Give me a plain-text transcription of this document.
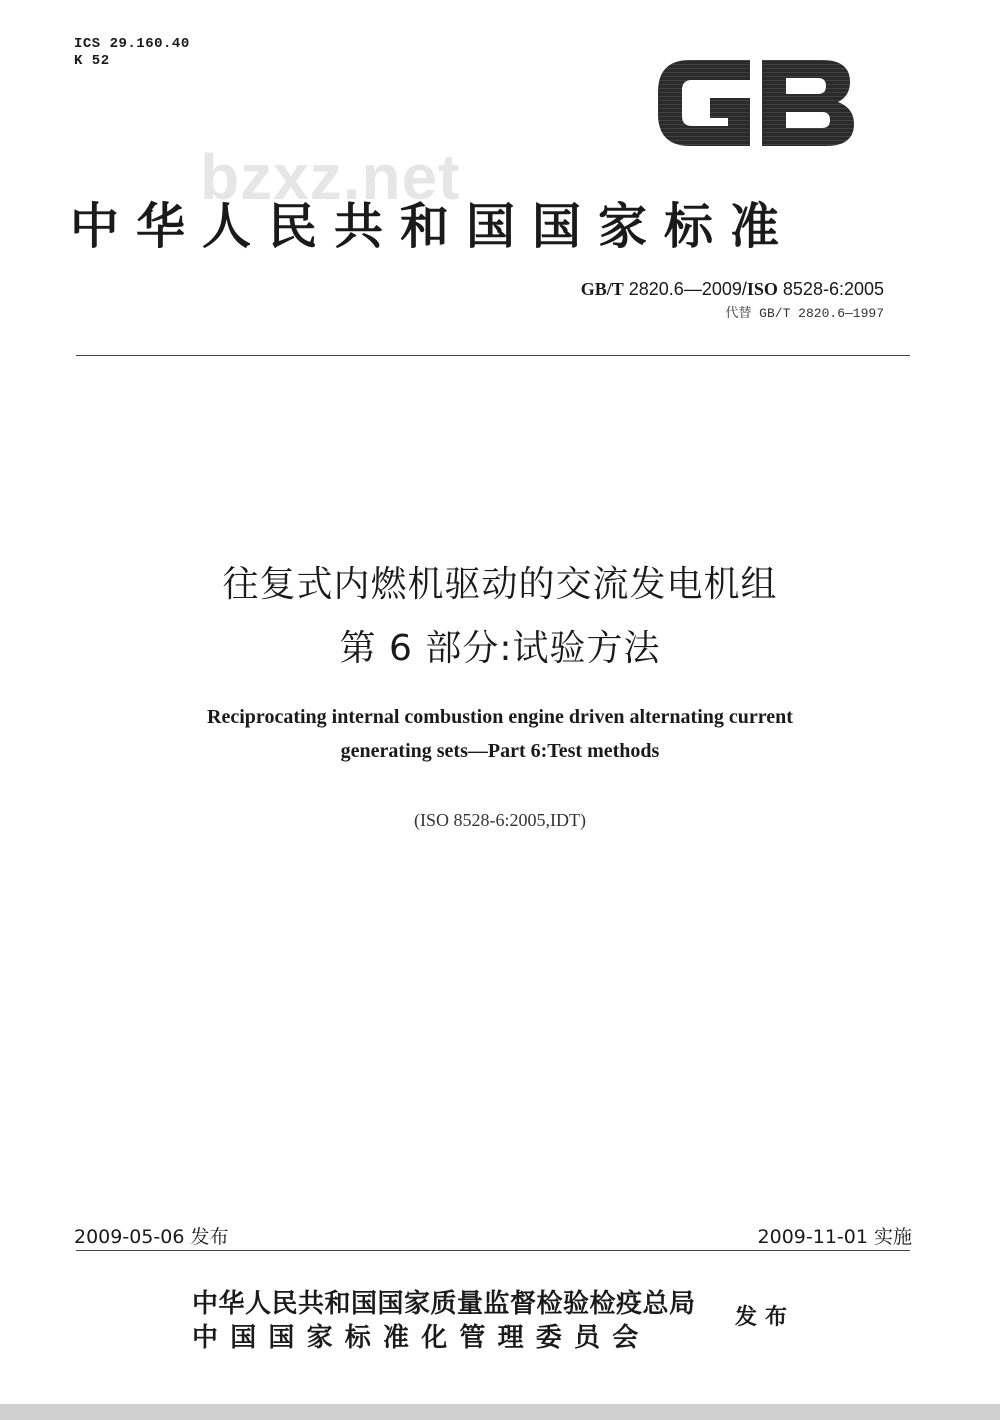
ICS 29.160.40
K 52
bzxz.net
中华人民共和国国家标准
GB/T 2820.6—2009/ISO 8528-6:2005
代替 GB/T 2820.6—1997
往复式内燃机驱动的交流发电机组
第 6 部分:试验方法
Reciprocating internal combustion engine driven alternating current
generating sets—Part 6:Test methods
(ISO 8528-6:2005,IDT)
2009-05-06 发布	2009-11-01 实施
中华人民共和国国家质量监督检验检疫总局
中国国家标准化管理委员会
发布
